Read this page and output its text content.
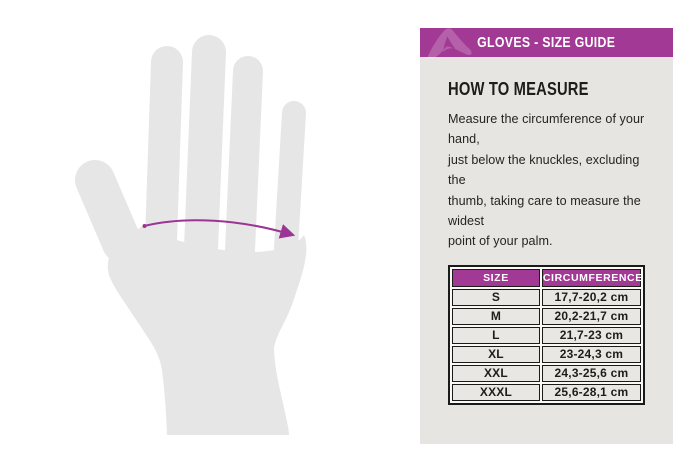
GLOVES - SIZE GUIDE
HOW TO MEASURE

Measure the circumference of your hand,
just below the knuckles, excluding the
thumb, taking care to measure the widest
point of your palm.

SIZE	CIRCUMFERENCE
S	17,7-20,2 cm
M	20,2-21,7 cm
L	21,7-23 cm
XL	23-24,3 cm
XXL	24,3-25,6 cm
XXXL	25,6-28,1 cm
